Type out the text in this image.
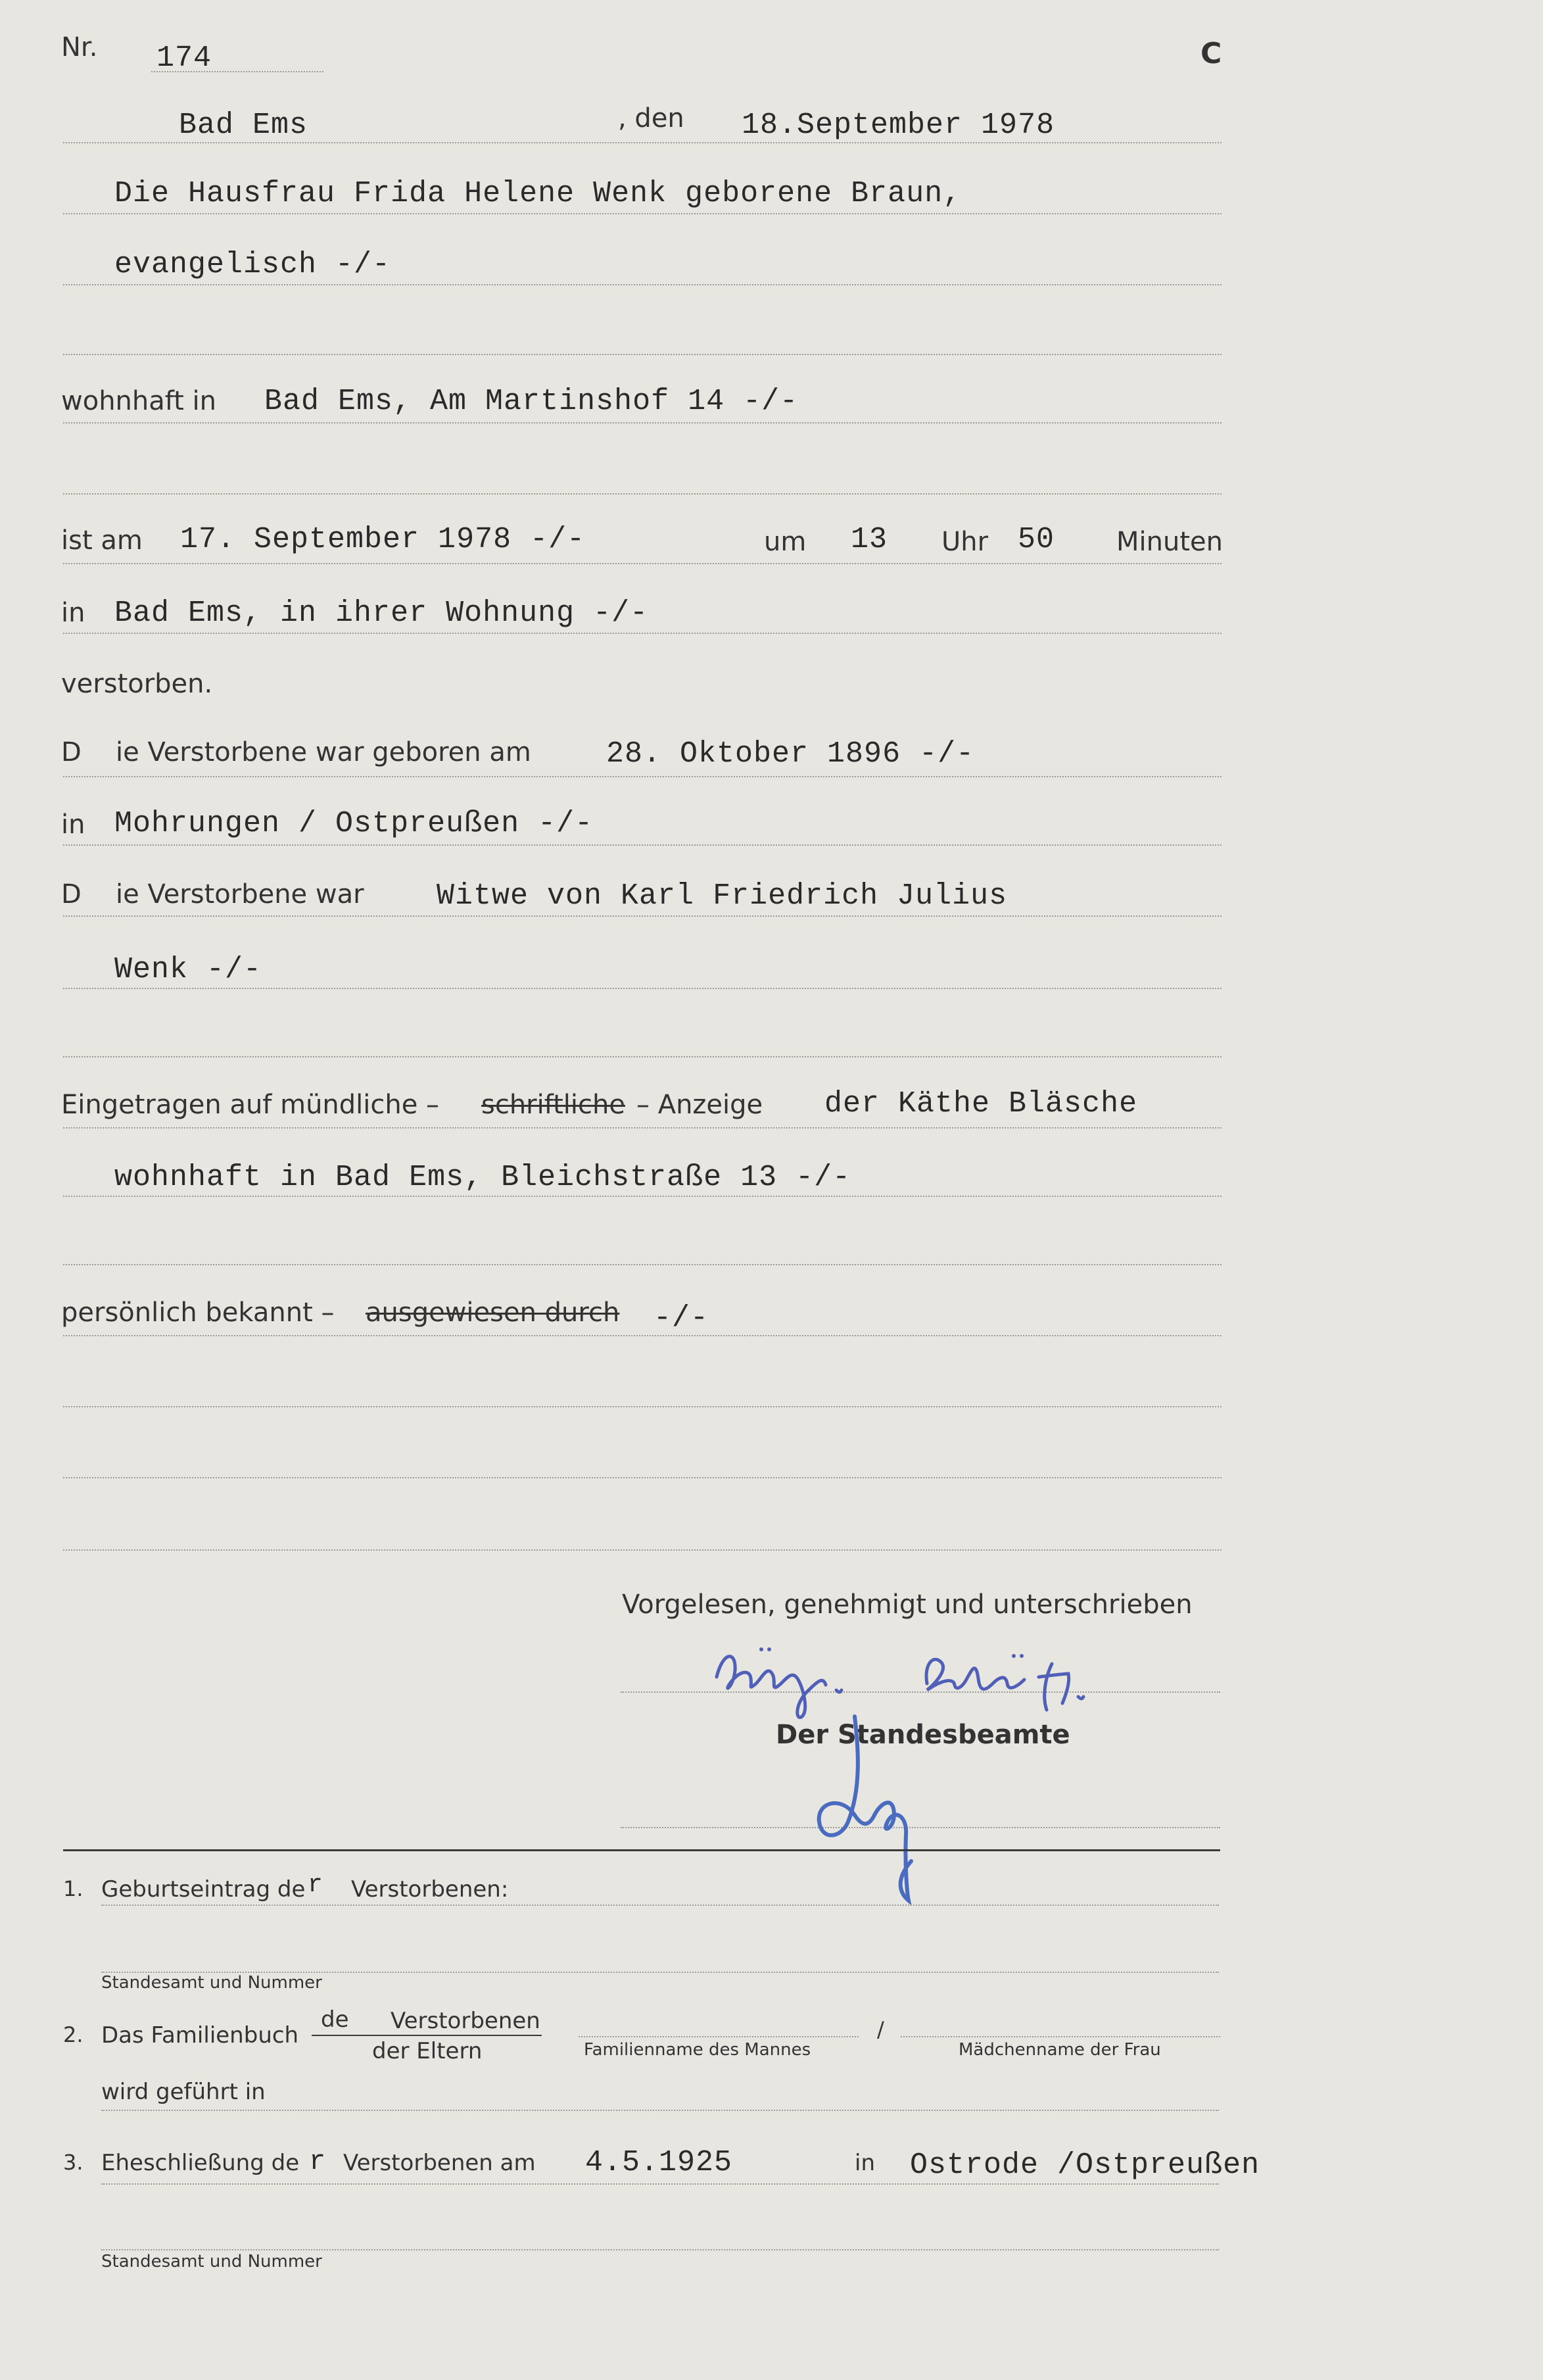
Nr. 174	C
Bad Ems	, den 18.September 1978
Die Hausfrau Frida Helene Wenk geborene Braun,
evangelisch -/-
wohnhaft in Bad Ems, Am Martinshof 14 -/-
ist am 17. September 1978 -/-	um 13 Uhr 50 Minuten
in Bad Ems, in ihrer Wohnung -/-
verstorben.
D ie Verstorbene war geboren am	28. Oktober 1896 -/-
in Mohrungen / Ostpreußen -/-
D ie Verstorbene war Witwe von Karl Friedrich Julius
Wenk -/-
Eingetragen auf mündliche – schriftliche – Anzeige der Käthe Bläsche
wohnhaft in Bad Ems, Bleichstraße 13 -/-
persönlich bekannt – ausgewiesen durch -/-
Vorgelesen, genehmigt und unterschrieben
Der Standesbeamte
1. Geburtseintrag de r Verstorbenen:
Standesamt und Nummer
2. Das Familienbuch
de Verstorbenen
der Eltern	Familienname des Mannes
/
Mädchenname der Frau
wird geführt in
3. Eheschließung de r Verstorbenen am 4.5.1925	in Ostrode /Ostpreußen
Standesamt und Nummer
